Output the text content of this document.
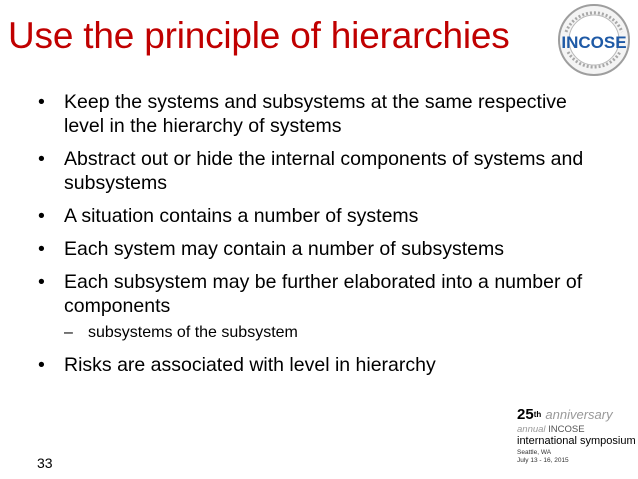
Use the principle of hierarchies	INCOSE
• Keep the systems and subsystems at the same respective level in the hierarchy of systems
• Abstract out or hide the internal components of systems and subsystems
• A situation contains a number of systems
• Each system may contain a number of subsystems
• Each subsystem may be further elaborated into a number of components
– subsystems of the subsystem
• Risks are associated with level in hierarchy
33
25th anniversary
annual INCOSE
international symposium
Seattle, WA
July 13 - 16, 2015
